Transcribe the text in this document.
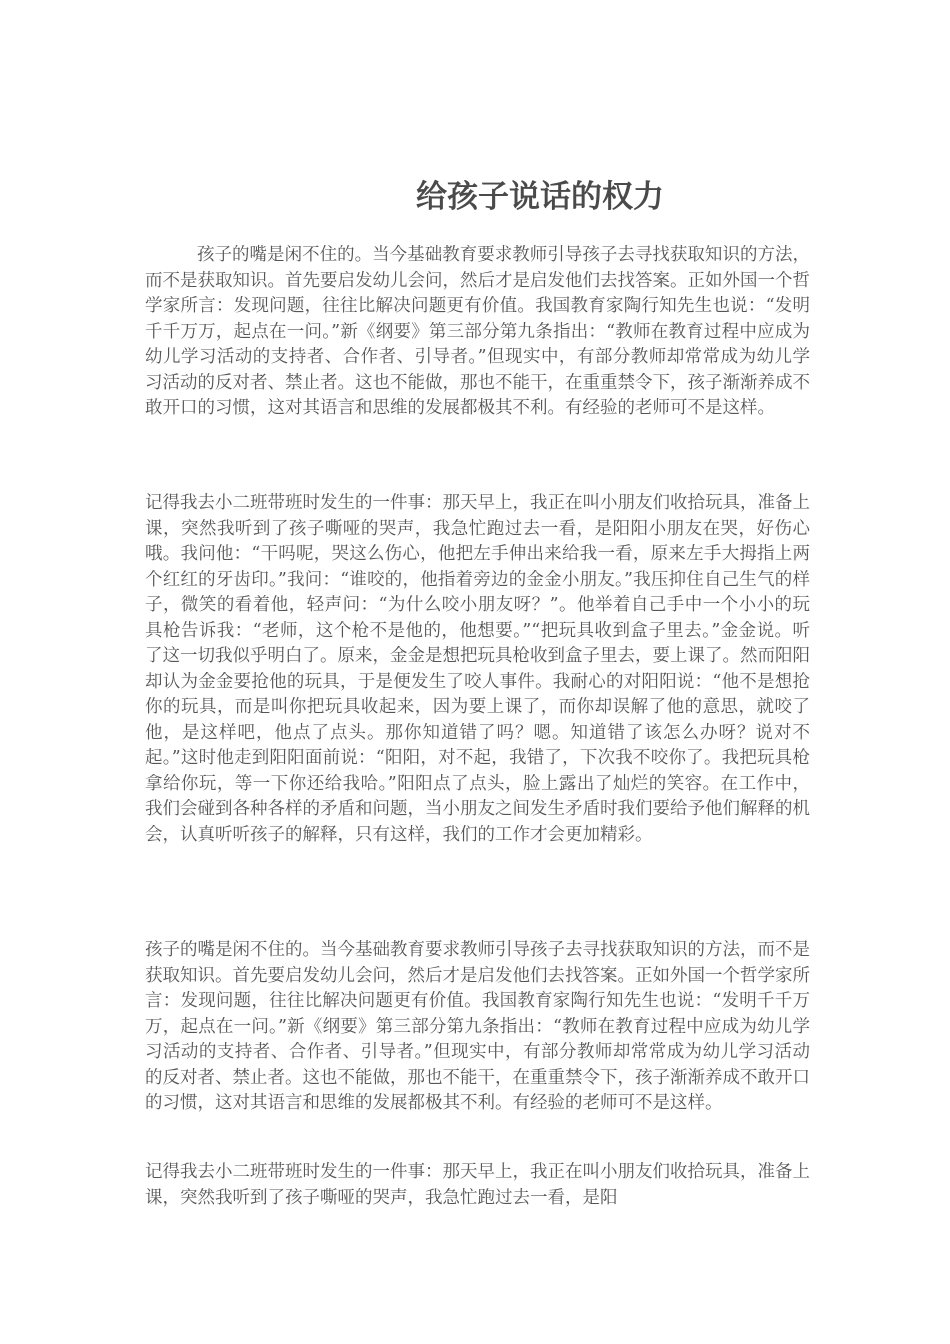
给孩子说话的权力

孩子的嘴是闲不住的。当今基础教育要求教师引导孩子去寻找获取知识的方法，而不是获取知识。首先要启发幼儿会问，然后才是启发他们去找答案。正如外国一个哲学家所言：发现问题，往往比解决问题更有价值。我国教育家陶行知先生也说：“发明千千万万，起点在一问。”新《纲要》第三部分第九条指出：“教师在教育过程中应成为幼儿学习活动的支持者、合作者、引导者。”但现实中，有部分教师却常常成为幼儿学习活动的反对者、禁止者。这也不能做，那也不能干，在重重禁令下，孩子渐渐养成不敢开口的习惯，这对其语言和思维的发展都极其不利。有经验的老师可不是这样。

记得我去小二班带班时发生的一件事：那天早上，我正在叫小朋友们收拾玩具，准备上课，突然我听到了孩子嘶哑的哭声，我急忙跑过去一看，是阳阳小朋友在哭，好伤心哦。我问他：“干吗呢，哭这么伤心，他把左手伸出来给我一看，原来左手大拇指上两个红红的牙齿印。”我问：“谁咬的，他指着旁边的金金小朋友。”我压抑住自己生气的样子，微笑的看着他，轻声问：“为什么咬小朋友呀？”。他举着自己手中一个小小的玩具枪告诉我：“老师，这个枪不是他的，他想要。”“把玩具收到盒子里去。”金金说。听了这一切我似乎明白了。原来，金金是想把玩具枪收到盒子里去，要上课了。然而阳阳却认为金金要抢他的玩具，于是便发生了咬人事件。我耐心的对阳阳说：“他不是想抢你的玩具，而是叫你把玩具收起来，因为要上课了，而你却误解了他的意思，就咬了他，是这样吧，他点了点头。那你知道错了吗？嗯。知道错了该怎么办呀？说对不起。”这时他走到阳阳面前说：“阳阳，对不起，我错了，下次我不咬你了。我把玩具枪拿给你玩，等一下你还给我哈。”阳阳点了点头，脸上露出了灿烂的笑容。在工作中，我们会碰到各种各样的矛盾和问题，当小朋友之间发生矛盾时我们要给予他们解释的机会，认真听听孩子的解释，只有这样，我们的工作才会更加精彩。

孩子的嘴是闲不住的。当今基础教育要求教师引导孩子去寻找获取知识的方法，而不是获取知识。首先要启发幼儿会问，然后才是启发他们去找答案。正如外国一个哲学家所言：发现问题，往往比解决问题更有价值。我国教育家陶行知先生也说：“发明千千万万，起点在一问。”新《纲要》第三部分第九条指出：“教师在教育过程中应成为幼儿学习活动的支持者、合作者、引导者。”但现实中，有部分教师却常常成为幼儿学习活动的反对者、禁止者。这也不能做，那也不能干，在重重禁令下，孩子渐渐养成不敢开口的习惯，这对其语言和思维的发展都极其不利。有经验的老师可不是这样。

记得我去小二班带班时发生的一件事：那天早上，我正在叫小朋友们收拾玩具，准备上课，突然我听到了孩子嘶哑的哭声，我急忙跑过去一看，是阳
